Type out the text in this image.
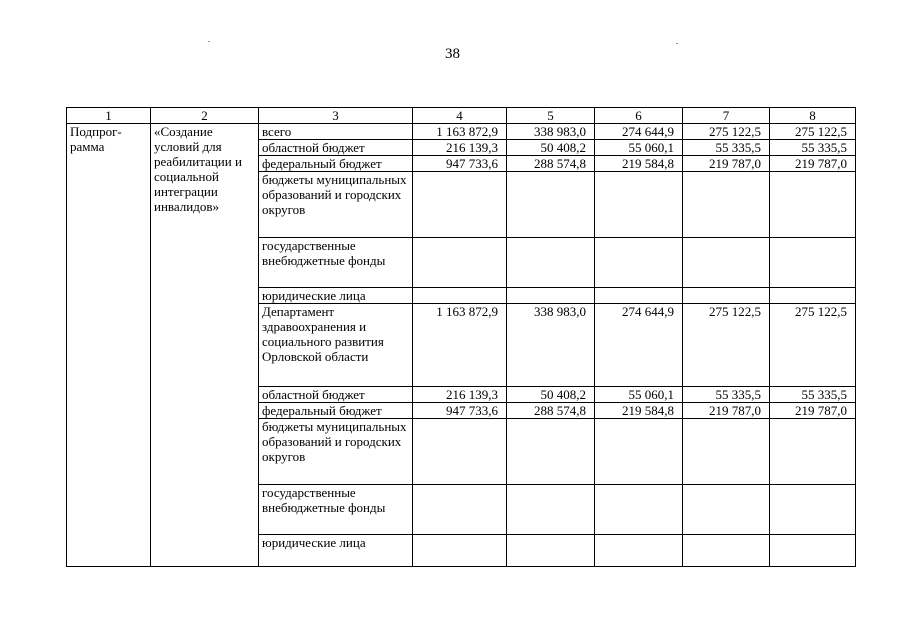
38
1	2	3	4	5	6	7	8
Подпрог-рамма	«Создание условий для реабилитации и социальной интеграции инвалидов»	всего	1 163 872,9	338 983,0	274 644,9	275 122,5	275 122,5
		областной бюджет	216 139,3	50 408,2	55 060,1	55 335,5	55 335,5
		федеральный бюджет	947 733,6	288 574,8	219 584,8	219 787,0	219 787,0
		бюджеты муниципальных образований и городских округов					
		государственные внебюджетные фонды					
		юридические лица					
		Департамент здравоохранения и социального развития Орловской области	1 163 872,9	338 983,0	274 644,9	275 122,5	275 122,5
		областной бюджет	216 139,3	50 408,2	55 060,1	55 335,5	55 335,5
		федеральный бюджет	947 733,6	288 574,8	219 584,8	219 787,0	219 787,0
		бюджеты муниципальных образований и городских округов					
		государственные внебюджетные фонды					
		юридические лица					
